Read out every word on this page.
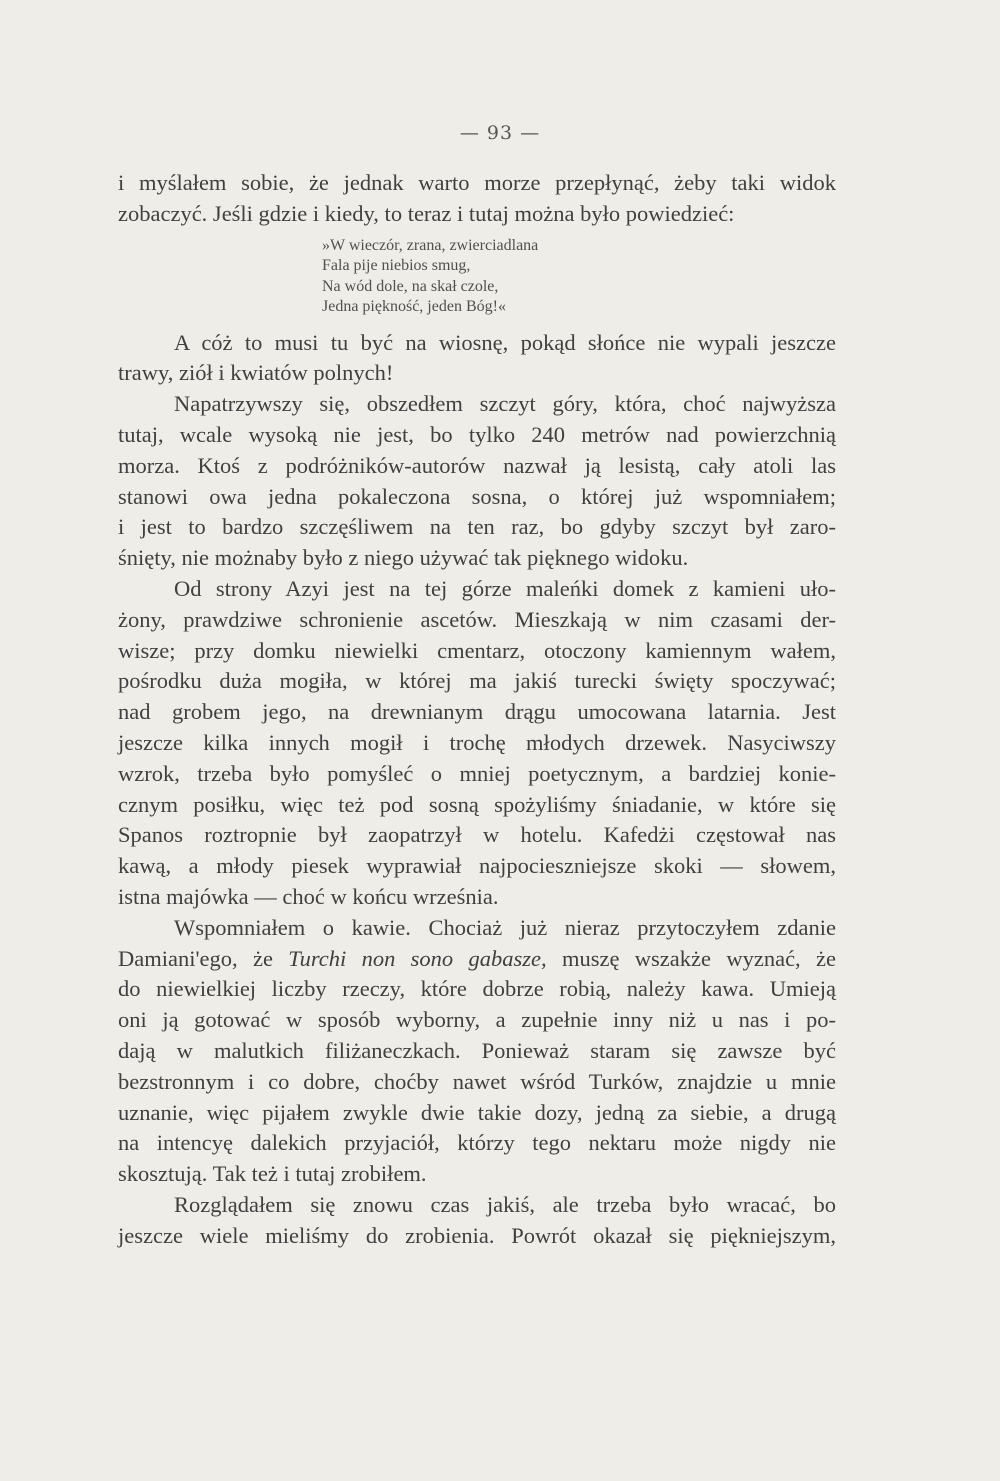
— 93 —

i myślałem sobie, że jednak warto morze przepłynąć, żeby taki widok
zobaczyć. Jeśli gdzie i kiedy, to teraz i tutaj można było powiedzieć:

»W wieczór, zrana, zwierciadlana
Fala pije niebios smug,
Na wód dole, na skał czole,
Jedna piękność, jeden Bóg!«

A cóż to musi tu być na wiosnę, pokąd słońce nie wypali jeszcze
trawy, ziół i kwiatów polnych!

Napatrzywszy się, obszedłem szczyt góry, która, choć najwyższa
tutaj, wcale wysoką nie jest, bo tylko 240 metrów nad powierzchnią
morza. Ktoś z podróżników-autorów nazwał ją lesistą, cały atoli las
stanowi owa jedna pokaleczona sosna, o której już wspomniałem;
i jest to bardzo szczęśliwem na ten raz, bo gdyby szczyt był zaro-
śnięty, nie możnaby było z niego używać tak pięknego widoku.

Od strony Azyi jest na tej górze maleńki domek z kamieni uło-
żony, prawdziwe schronienie ascetów. Mieszkają w nim czasami der-
wisze; przy domku niewielki cmentarz, otoczony kamiennym wałem,
pośrodku duża mogiła, w której ma jakiś turecki święty spoczywać;
nad grobem jego, na drewnianym drągu umocowana latarnia. Jest
jeszcze kilka innych mogił i trochę młodych drzewek. Nasyciwszy
wzrok, trzeba było pomyśleć o mniej poetycznym, a bardziej konie-
cznym posiłku, więc też pod sosną spożyliśmy śniadanie, w które się
Spanos roztropnie był zaopatrzył w hotelu. Kafedżi częstował nas
kawą, a młody piesek wyprawiał najpocieszniejsze skoki — słowem,
istna majówka — choć w końcu września.

Wspomniałem o kawie. Chociaż już nieraz przytoczyłem zdanie
Damiani'ego, że Turchi non sono gabasze, muszę wszakże wyznać, że
do niewielkiej liczby rzeczy, które dobrze robią, należy kawa. Umieją
oni ją gotować w sposób wyborny, a zupełnie inny niż u nas i po-
dają w malutkich filiżaneczkach. Ponieważ staram się zawsze być
bezstronnym i co dobre, choćby nawet wśród Turków, znajdzie u mnie
uznanie, więc pijałem zwykle dwie takie dozy, jedną za siebie, a drugą
na intencyę dalekich przyjaciół, którzy tego nektaru może nigdy nie
skosztują. Tak też i tutaj zrobiłem.

Rozglądałem się znowu czas jakiś, ale trzeba było wracać, bo
jeszcze wiele mieliśmy do zrobienia. Powrót okazał się piękniejszym,
